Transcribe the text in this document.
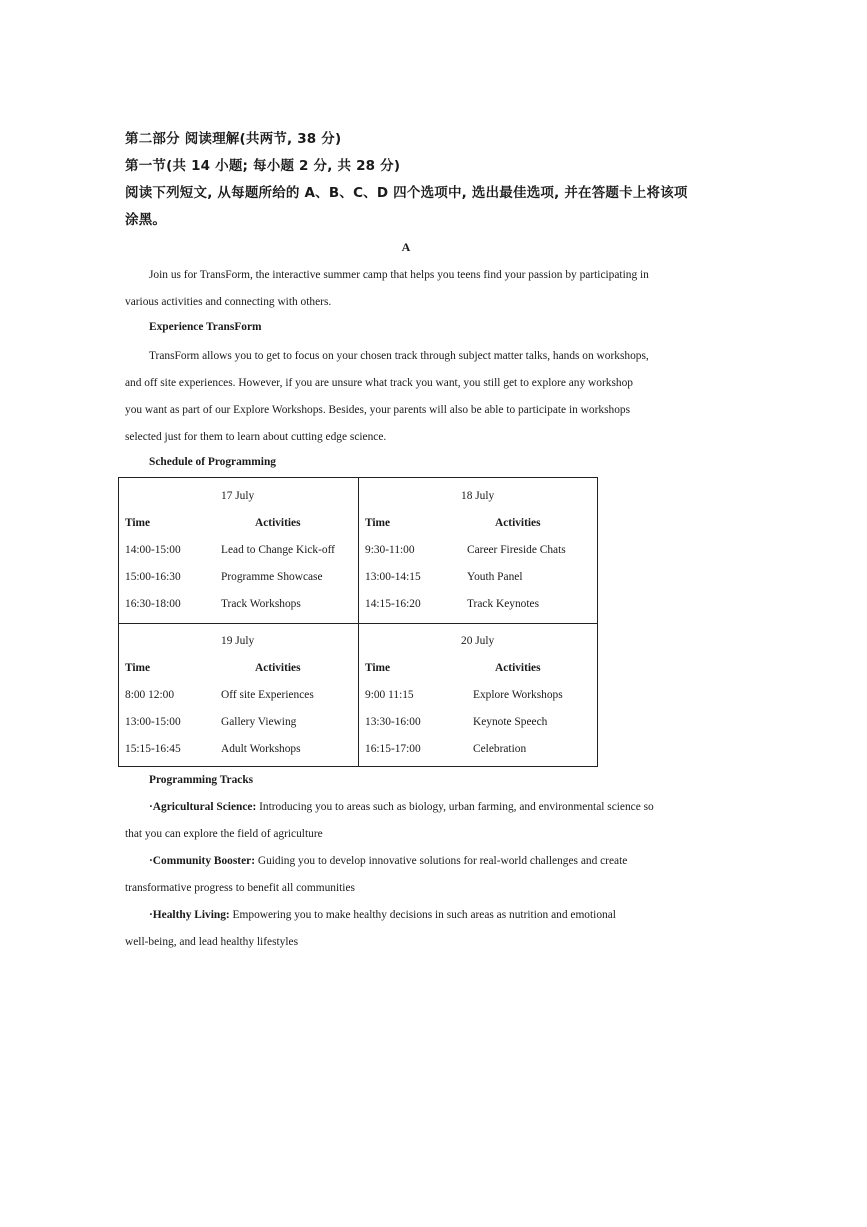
第二部分 阅读理解(共两节, 38 分)
第一节(共 14 小题; 每小题 2 分, 共 28 分)
阅读下列短文, 从每题所给的 A、B、C、D 四个选项中, 选出最佳选项, 并在答题卡上将该项
涂黑。
A
Join us for TransForm, the interactive summer camp that helps you teens find your passion by participating in
various activities and connecting with others.
Experience TransForm
TransForm allows you to get to focus on your chosen track through subject matter talks, hands on workshops,
and off site experiences. However, if you are unsure what track you want, you still get to explore any workshop
you want as part of our Explore Workshops. Besides, your parents will also be able to participate in workshops
selected just for them to learn about cutting edge science.
Schedule of Programming
17 July
Time	Activities
14:00-15:00	Lead to Change Kick-off
15:00-16:30	Programme Showcase
16:30-18:00	Track Workshops
18 July
Time	Activities
9:30-11:00	Career Fireside Chats
13:00-14:15	Youth Panel
14:15-16:20	Track Keynotes
19 July
Time	Activities
8:00 12:00	Off site Experiences
13:00-15:00	Gallery Viewing
15:15-16:45	Adult Workshops
20 July
Time	Activities
9:00 11:15	Explore Workshops
13:30-16:00	Keynote Speech
16:15-17:00	Celebration
Programming Tracks
·Agricultural Science: Introducing you to areas such as biology, urban farming, and environmental science so
that you can explore the field of agriculture
·Community Booster: Guiding you to develop innovative solutions for real-world challenges and create
transformative progress to benefit all communities
·Healthy Living: Empowering you to make healthy decisions in such areas as nutrition and emotional
well-being, and lead healthy lifestyles
